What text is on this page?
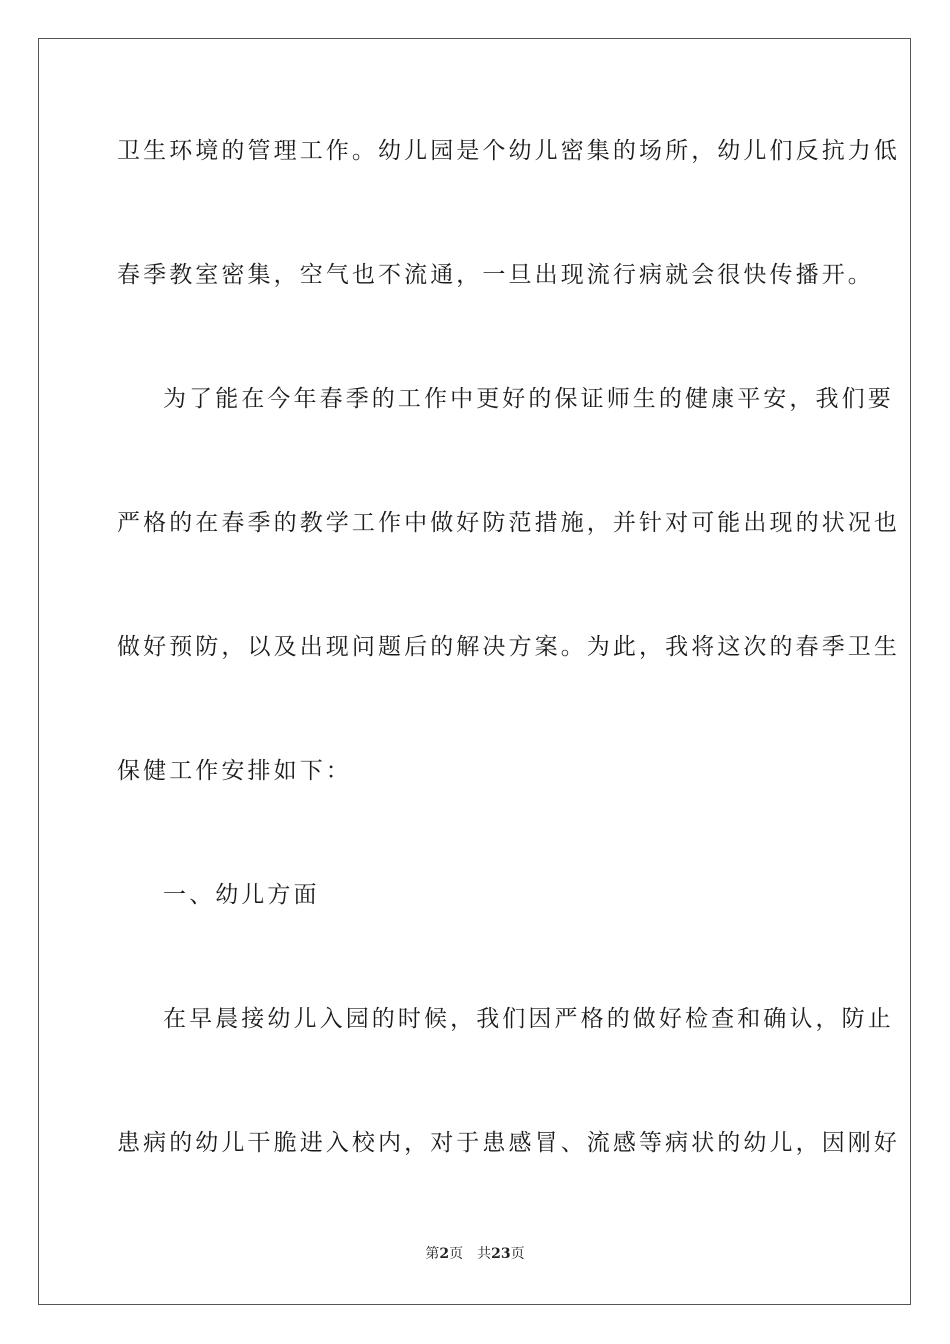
卫生环境的管理工作。幼儿园是个幼儿密集的场所，幼儿们反抗力低
春季教室密集，空气也不流通，一旦出现流行病就会很快传播开。
为了能在今年春季的工作中更好的保证师生的健康平安，我们要
严格的在春季的教学工作中做好防范措施，并针对可能出现的状况也
做好预防，以及出现问题后的解决方案。为此，我将这次的春季卫生
保健工作安排如下：
一、幼儿方面
在早晨接幼儿入园的时候，我们因严格的做好检查和确认，防止
患病的幼儿干脆进入校内，对于患感冒、流感等病状的幼儿，因刚好
第2页 共23页
